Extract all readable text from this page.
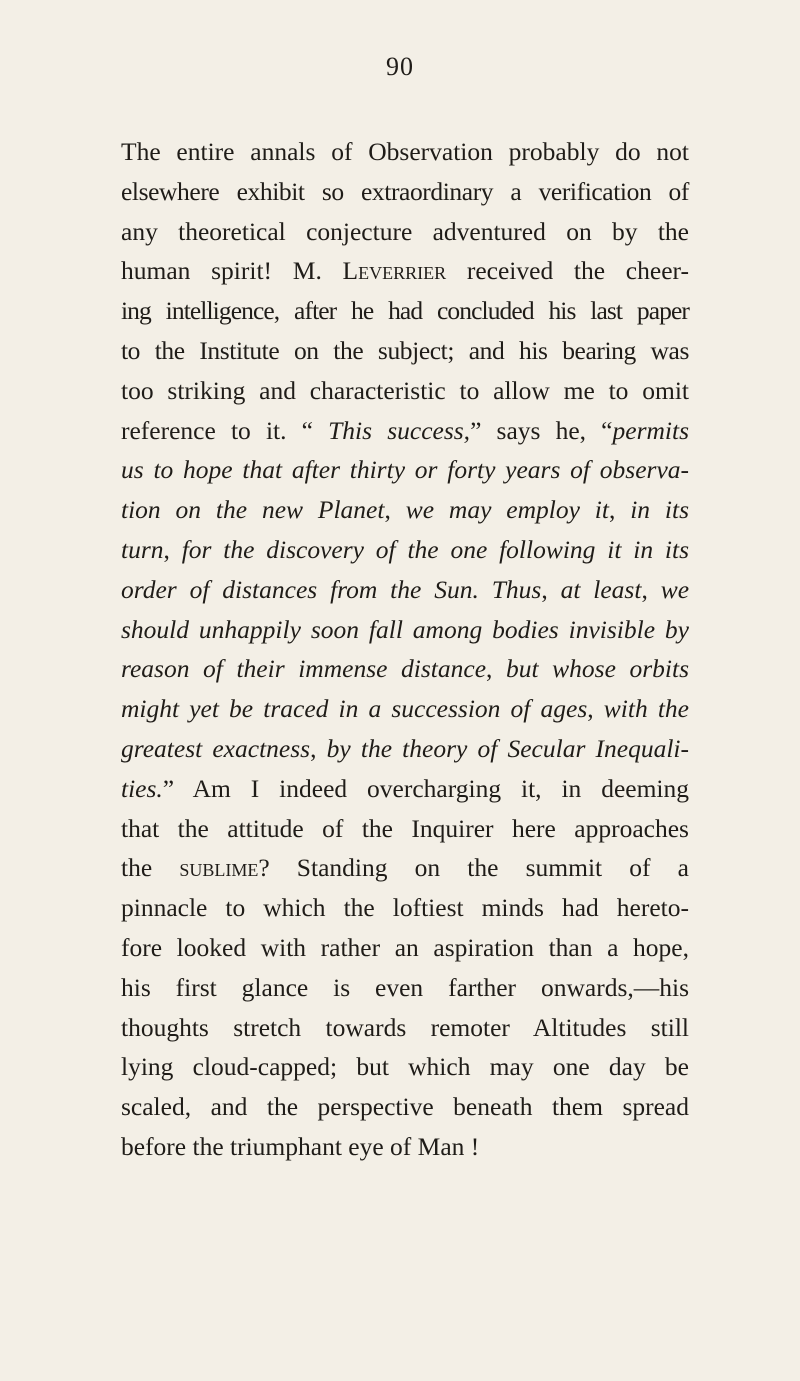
90
The entire annals of Observation probably do not
elsewhere exhibit so extraordinary a verification of
any theoretical conjecture adventured on by the
human spirit! M. Leverrier received the cheer-
ing intelligence, after he had concluded his last paper
to the Institute on the subject; and his bearing was
too striking and characteristic to allow me to omit
reference to it. “ This success,” says he, “permits
us to hope that after thirty or forty years of observa-
tion on the new Planet, we may employ it, in its
turn, for the discovery of the one following it in its
order of distances from the Sun. Thus, at least, we
should unhappily soon fall among bodies invisible by
reason of their immense distance, but whose orbits
might yet be traced in a succession of ages, with the
greatest exactness, by the theory of Secular Inequali-
ties.” Am I indeed overcharging it, in deeming
that the attitude of the Inquirer here approaches
the sublime? Standing on the summit of a
pinnacle to which the loftiest minds had hereto-
fore looked with rather an aspiration than a hope,
his first glance is even farther onwards,—his
thoughts stretch towards remoter Altitudes still
lying cloud-capped; but which may one day be
scaled, and the perspective beneath them spread
before the triumphant eye of Man !
